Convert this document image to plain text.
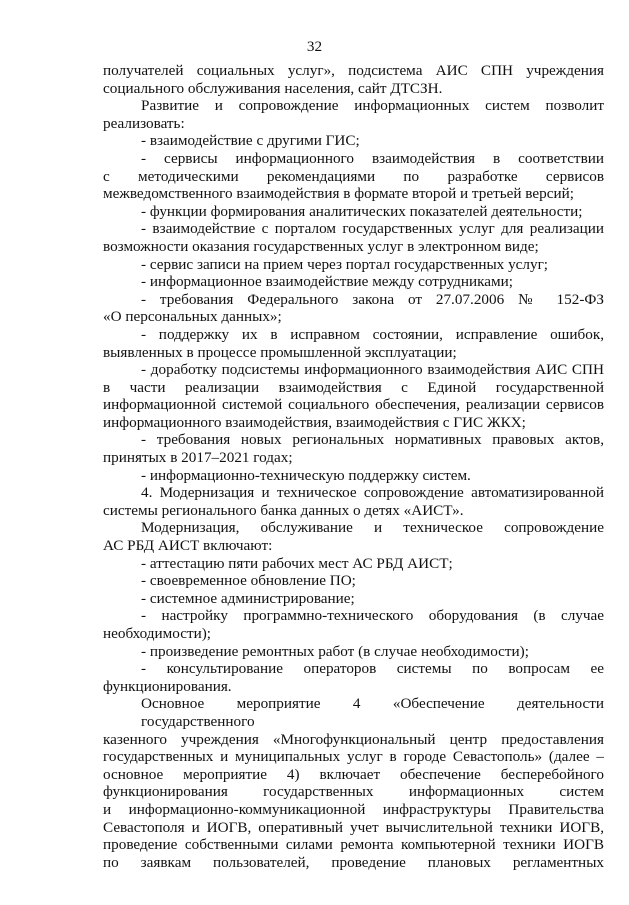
32
получателей социальных услуг», подсистема АИС СПН учреждения
социального обслуживания населения, сайт ДТСЗН.
Развитие и сопровождение информационных систем позволит
реализовать:
- взаимодействие с другими ГИС;
- сервисы информационного взаимодействия в соответствии
с методическими рекомендациями по разработке сервисов
межведомственного взаимодействия в формате второй и третьей версий;
- функции формирования аналитических показателей деятельности;
- взаимодействие с порталом государственных услуг для реализации
возможности оказания государственных услуг в электронном виде;
- сервис записи на прием через портал государственных услуг;
- информационное взаимодействие между сотрудниками;
- требования Федерального закона от 27.07.2006 № 152-ФЗ
«О персональных данных»;
- поддержку их в исправном состоянии, исправление ошибок,
выявленных в процессе промышленной эксплуатации;
- доработку подсистемы информационного взаимодействия АИС СПН
в части реализации взаимодействия с Единой государственной
информационной системой социального обеспечения, реализации сервисов
информационного взаимодействия, взаимодействия с ГИС ЖКХ;
- требования новых региональных нормативных правовых актов,
принятых в 2017–2021 годах;
- информационно-техническую поддержку систем.
4. Модернизация и техническое сопровождение автоматизированной
системы регионального банка данных о детях «АИСТ».
Модернизация, обслуживание и техническое сопровождение
АС РБД АИСТ включают:
- аттестацию пяти рабочих мест АС РБД АИСТ;
- своевременное обновление ПО;
- системное администрирование;
- настройку программно-технического оборудования (в случае
необходимости);
- произведение ремонтных работ (в случае необходимости);
- консультирование операторов системы по вопросам ее
функционирования.
Основное мероприятие 4 «Обеспечение деятельности государственного
казенного учреждения «Многофункциональный центр предоставления
государственных и муниципальных услуг в городе Севастополь» (далее –
основное мероприятие 4) включает обеспечение бесперебойного
функционирования государственных информационных систем
и информационно-коммуникационной инфраструктуры Правительства
Севастополя и ИОГВ, оперативный учет вычислительной техники ИОГВ,
проведение собственными силами ремонта компьютерной техники ИОГВ
по заявкам пользователей, проведение плановых регламентных
